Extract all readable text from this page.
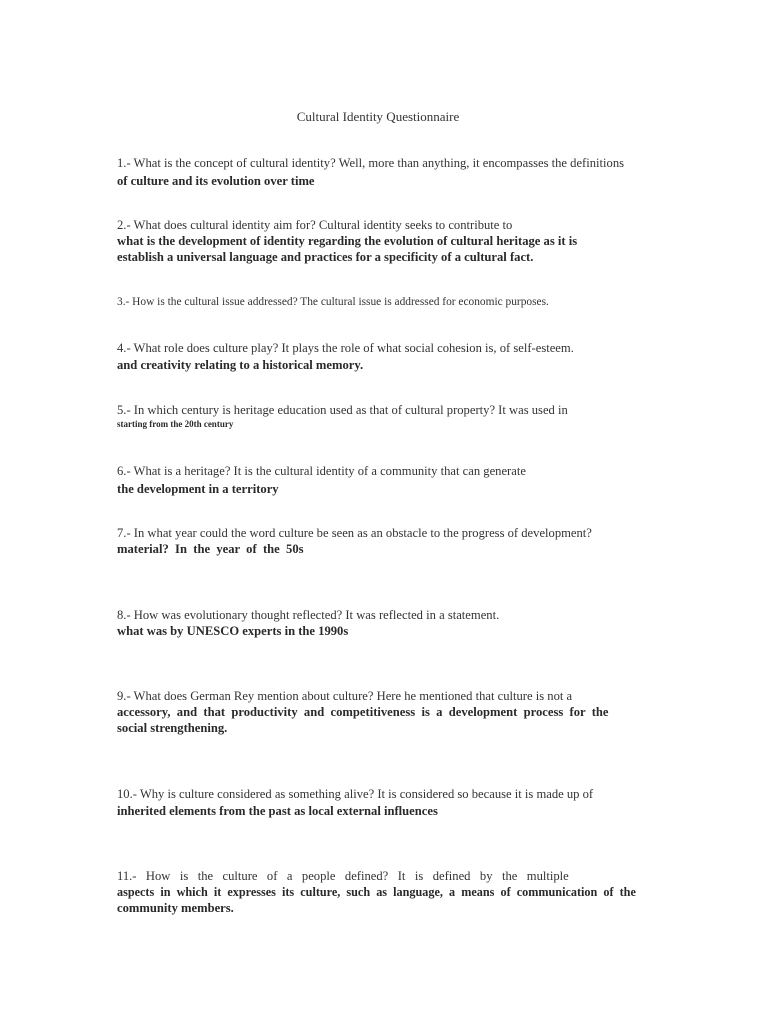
Cultural Identity Questionnaire
1.- What is the concept of cultural identity? Well, more than anything, it encompasses the definitions
of culture and its evolution over time
2.- What does cultural identity aim for? Cultural identity seeks to contribute to
what is the development of identity regarding the evolution of cultural heritage as it is
establish a universal language and practices for a specificity of a cultural fact.
3.- How is the cultural issue addressed? The cultural issue is addressed for economic purposes.
4.- What role does culture play? It plays the role of what social cohesion is, of self-esteem.
and creativity relating to a historical memory.
5.- In which century is heritage education used as that of cultural property? It was used in
starting from the 20th century
6.- What is a heritage? It is the cultural identity of a community that can generate
the development in a territory
7.- In what year could the word culture be seen as an obstacle to the progress of development?
material?  In  the  year  of  the  50s
8.- How was evolutionary thought reflected? It was reflected in a statement.
what was by UNESCO experts in the 1990s
9.- What does German Rey mention about culture? Here he mentioned that culture is not a
accessory,  and  that  productivity  and  competitiveness  is  a  development  process  for  the
social strengthening.
10.- Why is culture considered as something alive? It is considered so because it is made up of
inherited elements from the past as local external influences
11.-   How   is   the   culture   of   a   people   defined?   It   is   defined   by   the   multiple
aspects  in  which  it  expresses  its  culture,  such  as  language,  a  means  of  communication  of  the
community members.
